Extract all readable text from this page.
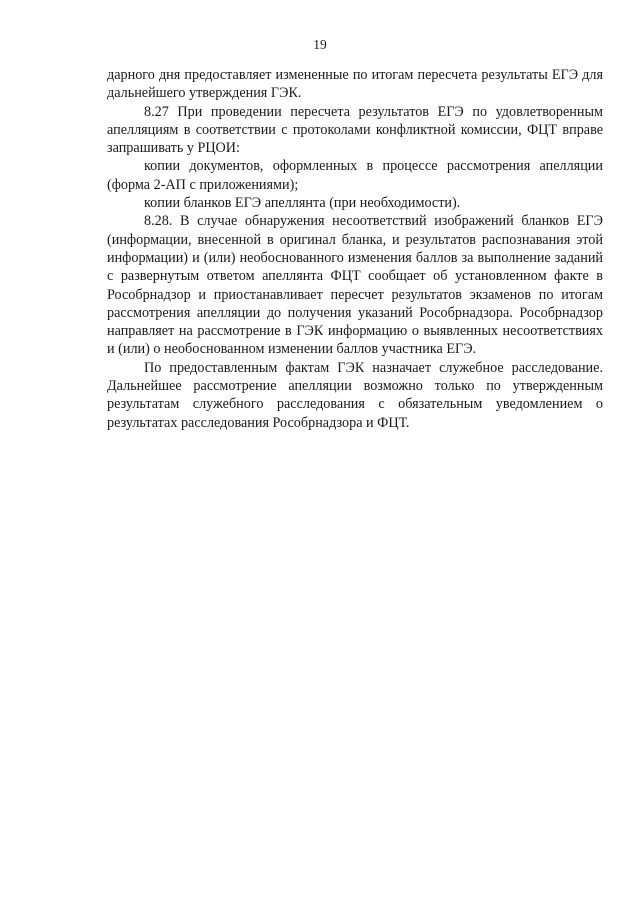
19

дарного дня предоставляет измененные по итогам пересчета результаты ЕГЭ для дальнейшего утверждения ГЭК.

8.27 При проведении пересчета результатов ЕГЭ по удовлетворенным апелляциям в соответствии с протоколами конфликтной комиссии, ФЦТ вправе запрашивать у РЦОИ:

копии документов, оформленных в процессе рассмотрения апелляции (форма 2-АП с приложениями);

копии бланков ЕГЭ апеллянта (при необходимости).

8.28. В случае обнаружения несоответствий изображений бланков ЕГЭ (информации, внесенной в оригинал бланка, и результатов распознавания этой информации) и (или) необоснованного изменения баллов за выполнение заданий с развернутым ответом апеллянта ФЦТ сообщает об установленном факте в Рособрнадзор и приостанавливает пересчет результатов экзаменов по итогам рассмотрения апелляции до получения указаний Рособрнадзора. Рособрнадзор направляет на рассмотрение в ГЭК информацию о выявленных несоответствиях и (или) о необоснованном изменении баллов участника ЕГЭ.

По предоставленным фактам ГЭК назначает служебное расследование. Дальнейшее рассмотрение апелляции возможно только по утвержденным результатам служебного расследования с обязательным уведомлением о результатах расследования Рособрнадзора и ФЦТ.
